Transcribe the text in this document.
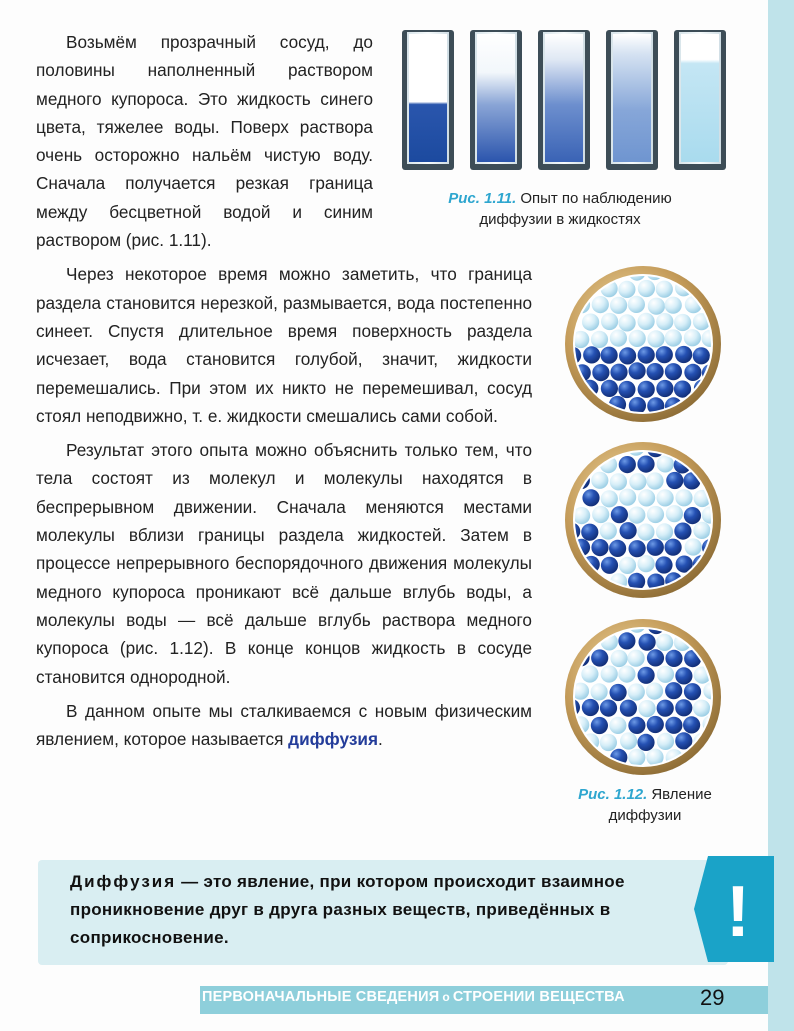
Возьмём прозрачный сосуд, до половины наполненный раствором медного купороса. Это жидкость синего цвета, тяжелее воды. Поверх раствора очень осторожно нальём чистую воду. Сначала получается резкая граница между бесцветной водой и синим раствором (рис. 1.11).

Через некоторое время можно заметить, что граница раздела становится нерезкой, размывается, вода постепенно синеет. Спустя длительное время поверхность раздела исчезает, вода становится голубой, значит, жидкости перемешались. При этом их никто не перемешивал, сосуд стоял неподвижно, т. е. жидкости смешались сами собой.

Результат этого опыта можно объяснить только тем, что тела состоят из молекул и молекулы находятся в беспрерывном движении. Сначала меняются местами молекулы вблизи границы раздела жидкостей. Затем в процессе непрерывного беспорядочного движения молекулы медного купороса проникают всё дальше вглубь воды, а молекулы воды — всё дальше вглубь раствора медного купороса (рис. 1.12). В конце концов жидкость в сосуде становится однородной.

В данном опыте мы сталкиваемся с новым физическим явлением, которое называется диффузия.

Рис. 1.11. Опыт по наблюдению диффузии в жидкостях
Рис. 1.12. Явление диффузии
Диффузия — это явление, при котором происходит взаимное проникновение друг в друга разных веществ, приведённых в соприкосновение.	!
ПЕРВОНАЧАЛЬНЫЕ СВЕДЕНИЯ о СТРОЕНИИ ВЕЩЕСТВА	29
